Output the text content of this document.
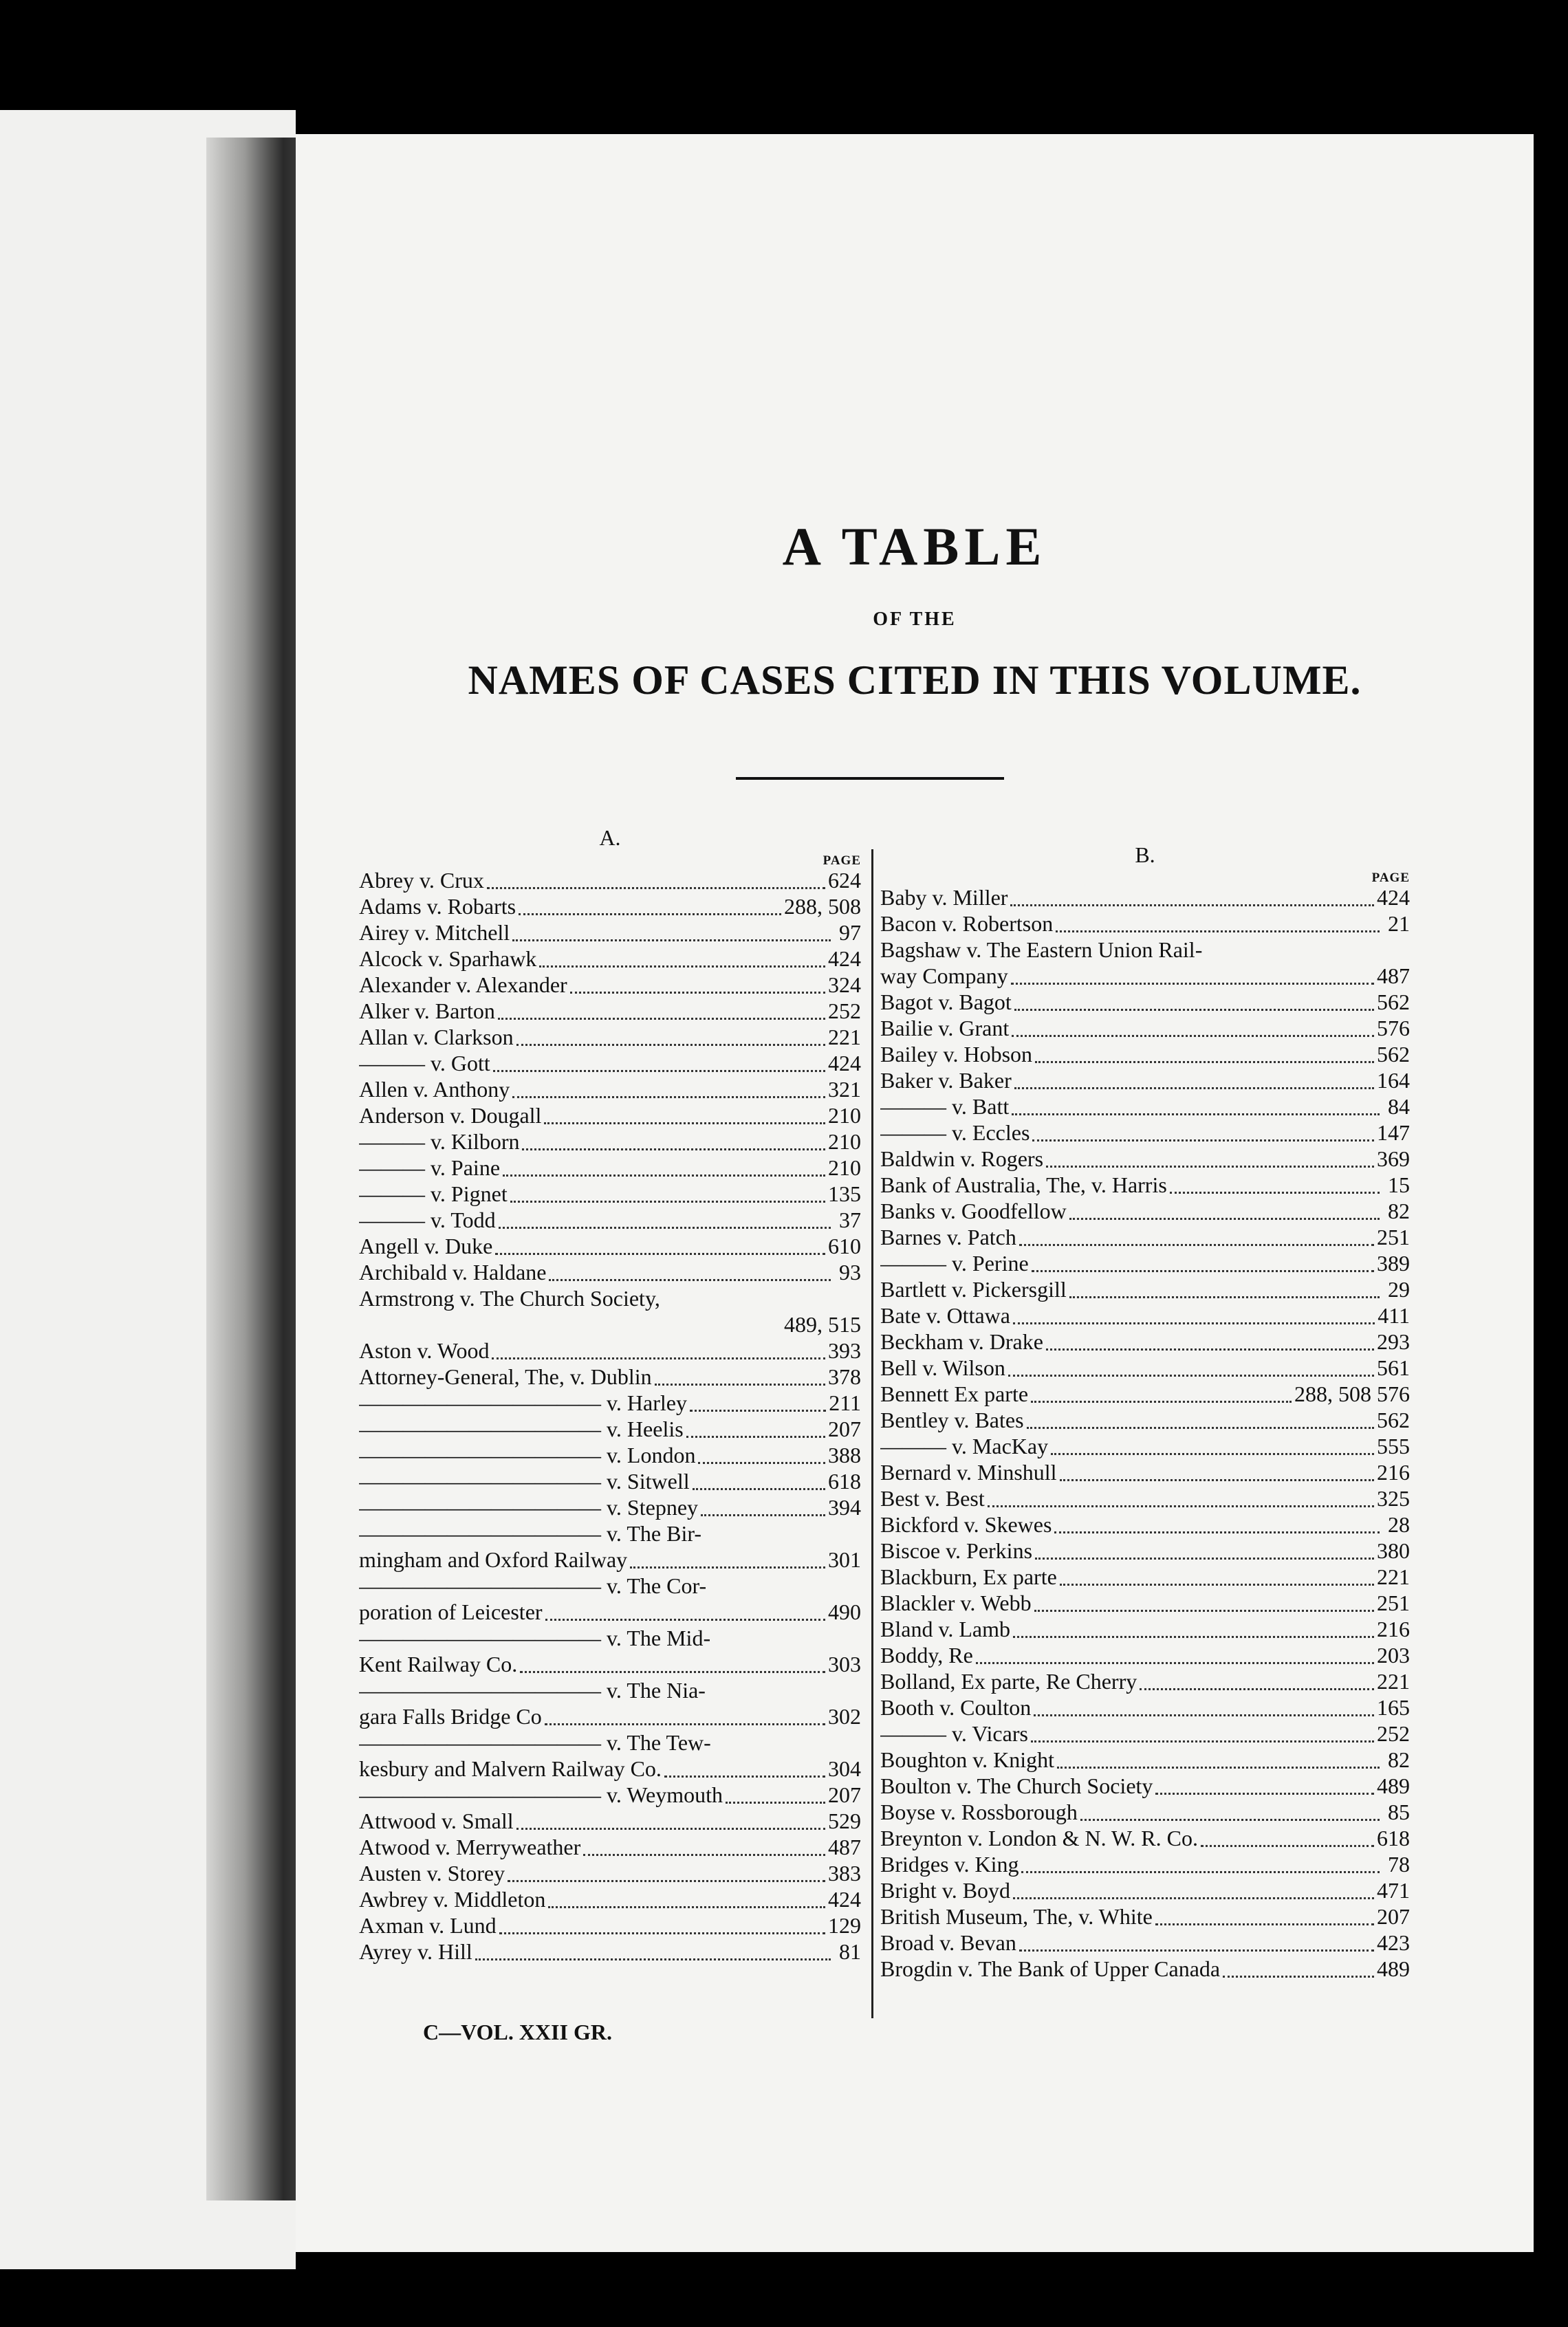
A TABLE
OF THE
NAMES OF CASES CITED IN THIS VOLUME.
A.
PAGE
Abrey v. Crux	624
Adams v. Robarts	288, 508
Airey v. Mitchell	97
Alcock v. Sparhawk	424
Alexander v. Alexander	324
Alker v. Barton	252
Allan v. Clarkson	221
——— v. Gott	424
Allen v. Anthony	321
Anderson v. Dougall	210
——— v. Kilborn	210
——— v. Paine	210
——— v. Pignet	135
——— v. Todd	37
Angell v. Duke	610
Archibald v. Haldane	93
Armstrong v. The Church Society,
489, 515
Aston v. Wood	393
Attorney-General, The, v. Dublin	378
——————————— v. Harley	211
——————————— v. Heelis	207
——————————— v. London	388
——————————— v. Sitwell	618
——————————— v. Stepney	394
——————————— v. The Bir-
mingham and Oxford Railway	301
——————————— v. The Cor-
poration of Leicester	490
——————————— v. The Mid-
Kent Railway Co.	303
——————————— v. The Nia-
gara Falls Bridge Co	302
——————————— v. The Tew-
kesbury and Malvern Railway Co.	304
——————————— v. Weymouth	207
Attwood v. Small	529
Atwood v. Merryweather	487
Austen v. Storey	383
Awbrey v. Middleton	424
Axman v. Lund	129
Ayrey v. Hill	81
B.
PAGE
Baby v. Miller	424
Bacon v. Robertson	21
Bagshaw v. The Eastern Union Rail-
way Company	487
Bagot v. Bagot	562
Bailie v. Grant	576
Bailey v. Hobson	562
Baker v. Baker	164
——— v. Batt	84
——— v. Eccles	147
Baldwin v. Rogers	369
Bank of Australia, The, v. Harris	15
Banks v. Goodfellow	82
Barnes v. Patch	251
——— v. Perine	389
Bartlett v. Pickersgill	29
Bate v. Ottawa	411
Beckham v. Drake	293
Bell v. Wilson	561
Bennett Ex parte	288, 508 576
Bentley v. Bates	562
——— v. MacKay	555
Bernard v. Minshull	216
Best v. Best	325
Bickford v. Skewes	28
Biscoe v. Perkins	380
Blackburn, Ex parte	221
Blackler v. Webb	251
Bland v. Lamb	216
Boddy, Re	203
Bolland, Ex parte, Re Cherry	221
Booth v. Coulton	165
——— v. Vicars	252
Boughton v. Knight	82
Boulton v. The Church Society	489
Boyse v. Rossborough	85
Breynton v. London & N. W. R. Co.	618
Bridges v. King	78
Bright v. Boyd	471
British Museum, The, v. White	207
Broad v. Bevan	423
Brogdin v. The Bank of Upper Canada	489
C—VOL. XXII GR.
